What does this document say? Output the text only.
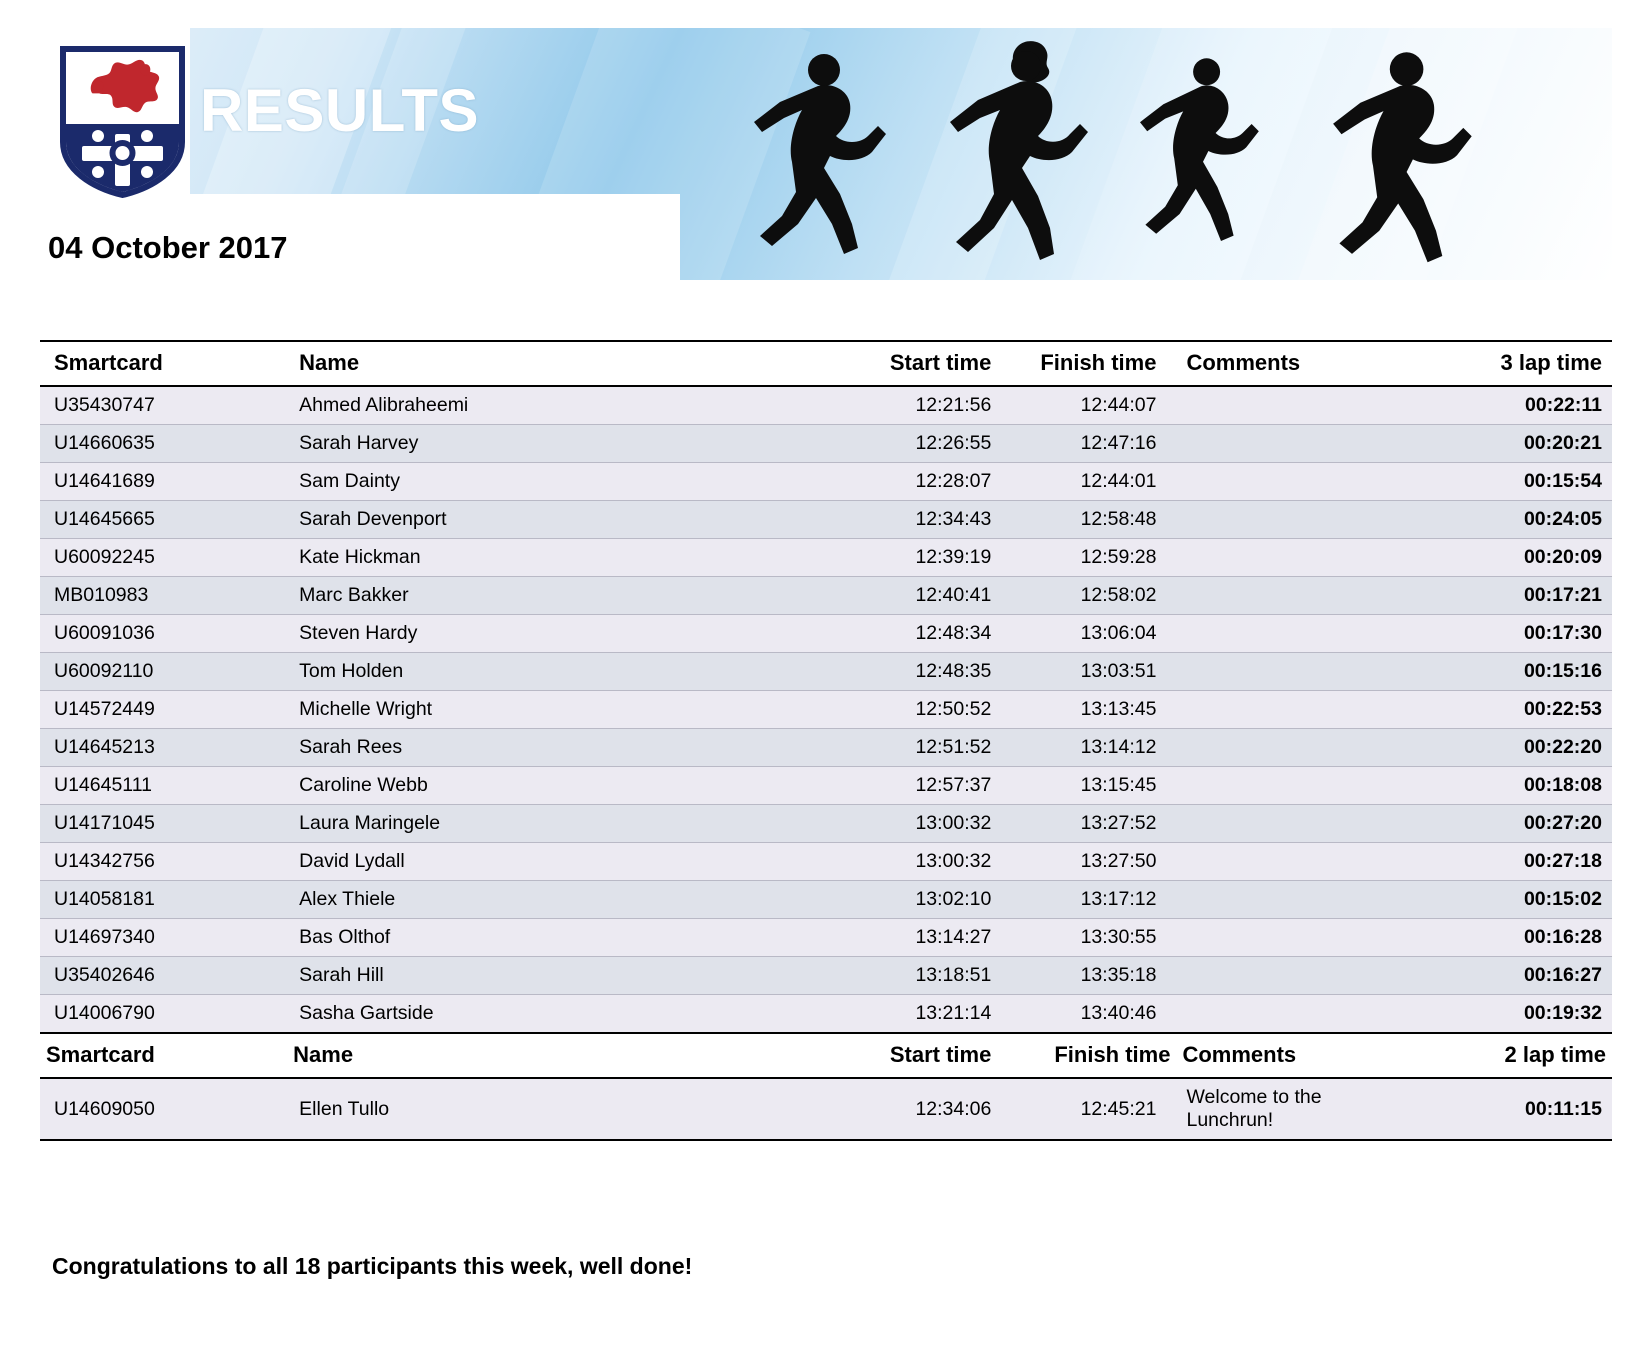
RESULTS
04 October 2017
Smartcard	Name	Start time	Finish time	Comments	3 lap time
U35430747	Ahmed Alibraheemi	12:21:56	12:44:07		00:22:11
U14660635	Sarah Harvey	12:26:55	12:47:16		00:20:21
U14641689	Sam Dainty	12:28:07	12:44:01		00:15:54
U14645665	Sarah Devenport	12:34:43	12:58:48		00:24:05
U60092245	Kate Hickman	12:39:19	12:59:28		00:20:09
MB010983	Marc Bakker	12:40:41	12:58:02		00:17:21
U60091036	Steven Hardy	12:48:34	13:06:04		00:17:30
U60092110	Tom Holden	12:48:35	13:03:51		00:15:16
U14572449	Michelle Wright	12:50:52	13:13:45		00:22:53
U14645213	Sarah Rees	12:51:52	13:14:12		00:22:20
U14645111	Caroline Webb	12:57:37	13:15:45		00:18:08
U14171045	Laura Maringele	13:00:32	13:27:52		00:27:20
U14342756	David Lydall	13:00:32	13:27:50		00:27:18
U14058181	Alex Thiele	13:02:10	13:17:12		00:15:02
U14697340	Bas Olthof	13:14:27	13:30:55		00:16:28
U35402646	Sarah Hill	13:18:51	13:35:18		00:16:27
U14006790	Sasha Gartside	13:21:14	13:40:46		00:19:32
Smartcard	Name	Start time	Finish time	Comments	2 lap time
U14609050	Ellen Tullo	12:34:06	12:45:21	Welcome to the Lunchrun!	00:11:15
Congratulations to all 18 participants this week, well done!
